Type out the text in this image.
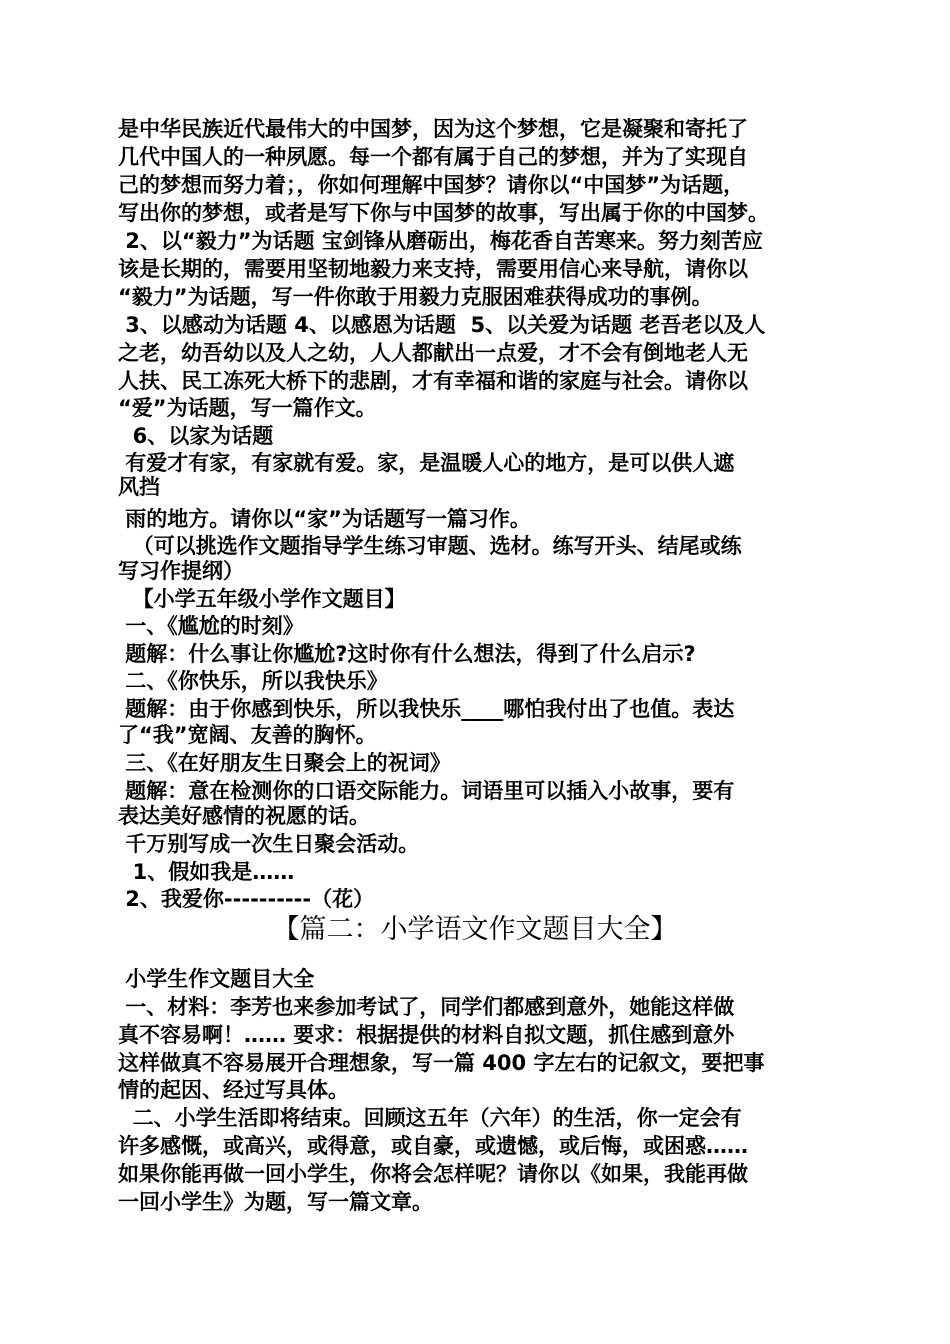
是中华民族近代最伟大的中国梦，因为这个梦想，它是凝聚和寄托了
几代中国人的一种夙愿。每一个都有属于自己的梦想，并为了实现自
己的梦想而努力着；，你如何理解中国梦？请你以“中国梦”为话题，
写出你的梦想，或者是写下你与中国梦的故事，写出属于你的中国梦。
2、以“毅力”为话题 宝剑锋从磨砺出，梅花香自苦寒来。努力刻苦应
该是长期的，需要用坚韧地毅力来支持，需要用信心来导航，请你以
“毅力”为话题，写一件你敢于用毅力克服困难获得成功的事例。
3、以感动为话题 4、以感恩为话题  5、以关爱为话题 老吾老以及人
之老，幼吾幼以及人之幼，人人都献出一点爱，才不会有倒地老人无
人扶、民工冻死大桥下的悲剧，才有幸福和谐的家庭与社会。请你以
“爱”为话题，写一篇作文。
6、以家为话题
有爱才有家，有家就有爱。家，是温暖人心的地方，是可以供人遮
风挡
雨的地方。请你以“家”为话题写一篇习作。
（可以挑选作文题指导学生练习审题、选材。练写开头、结尾或练
写习作提纲）
【小学五年级小学作文题目】
一、《尴尬的时刻》
题解：什么事让你尴尬?这时你有什么想法，得到了什么启示?
二、《你快乐，所以我快乐》
题解：由于你感到快乐，所以我快乐____哪怕我付出了也值。表达
了“我”宽阔、友善的胸怀。
三、《在好朋友生日聚会上的祝词》
题解：意在检测你的口语交际能力。词语里可以插入小故事，要有
表达美好感情的祝愿的话。
千万别写成一次生日聚会活动。
1、假如我是……
2、我爱你----------（花）
【篇二：小学语文作文题目大全】
小学生作文题目大全
一、材料：李芳也来参加考试了，同学们都感到意外，她能这样做
真不容易啊！…… 要求：根据提供的材料自拟文题，抓住感到意外
这样做真不容易展开合理想象，写一篇 400 字左右的记叙文，要把事
情的起因、经过写具体。
二、小学生活即将结束。回顾这五年（六年）的生活，你一定会有
许多感慨，或高兴，或得意，或自豪，或遗憾，或后悔，或困惑……
如果你能再做一回小学生，你将会怎样呢？请你以《如果，我能再做
一回小学生》为题，写一篇文章。
